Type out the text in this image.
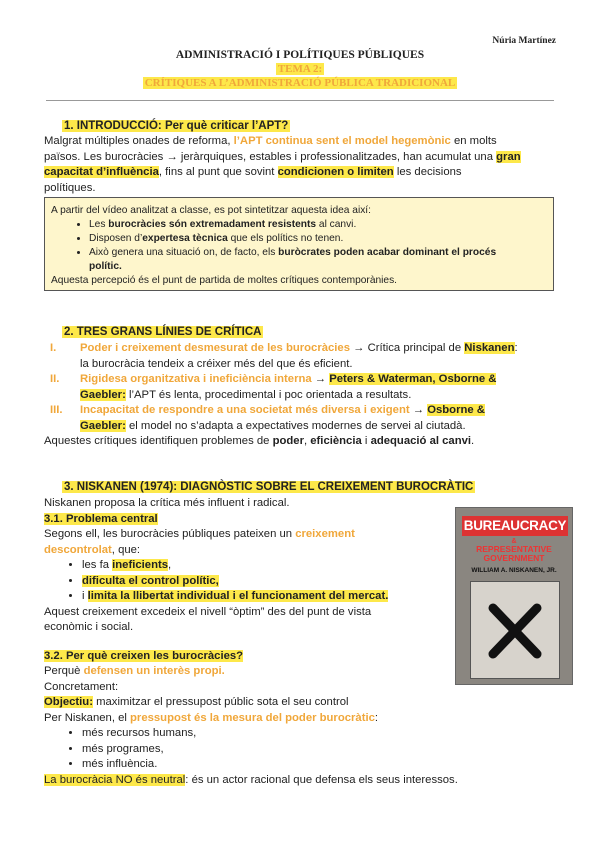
Núria Martínez
ADMINISTRACIÓ I POLÍTIQUES PÚBLIQUES
TEMA 2:
CRÍTIQUES A L’ADMINISTRACIÓ PÚBLICA TRADICIONAL
1. INTRODUCCIÓ: Per què criticar l’APT?

Malgrat múltiples onades de reforma, l’APT continua sent el model hegemònic en molts

països. Les burocràcies → jeràrquiques, estables i professionalitzades, han acumulat una gran

capacitat d’influència, fins al punt que sovint condicionen o limiten les decisions

polítiques.

A partir del vídeo analitzat a classe, es pot sintetitzar aquesta idea així:
• Les burocràcies són extremadament resistents al canvi.
• Disposen d’expertesa tècnica que els polítics no tenen.
• Això genera una situació on, de facto, els buròcrates poden acabar dominant el procés
polític.
Aquesta percepció és el punt de partida de moltes crítiques contemporànies.
2. TRES GRANS LÍNIES DE CRÍTICA
I. Poder i creixement desmesurat de les burocràcies → Crítica principal de Niskanen:
la burocràcia tendeix a créixer més del que és eficient.
II. Rigidesa organitzativa i ineficiència interna → Peters & Waterman, Osborne &
Gaebler: l’APT és lenta, procedimental i poc orientada a resultats.
III. Incapacitat de respondre a una societat més diversa i exigent → Osborne &
Gaebler: el model no s’adapta a expectatives modernes de servei al ciutadà.

Aquestes crítiques identifiquen problemes de poder, eficiència i adequació al canvi.

3. NISKANEN (1974): DIAGNÒSTIC SOBRE EL CREIXEMENT BUROCRÀTIC

Niskanen proposa la crítica més influent i radical.

3.1. Problema central

Segons ell, les burocràcies públiques pateixen un creixement

descontrolat, que:

• les fa ineficients,
• dificulta el control polític,
• i limita la llibertat individual i el funcionament del mercat.

Aquest creixement excedeix el nivell “òptim” des del punt de vista

econòmic i social.

3.2. Per què creixen les burocràcies?

Perquè defensen un interès propi.

Concretament:

Objectiu: maximitzar el pressupost públic sota el seu control

Per Niskanen, el pressupost és la mesura del poder burocràtic:

• més recursos humans,
• més programes,
• més influència.

La burocràcia NO és neutral: és un actor racional que defensa els seus interessos.

BUREAUCRACY
&
REPRESENTATIVE GOVERNMENT
WILLIAM A. NISKANEN, JR.
